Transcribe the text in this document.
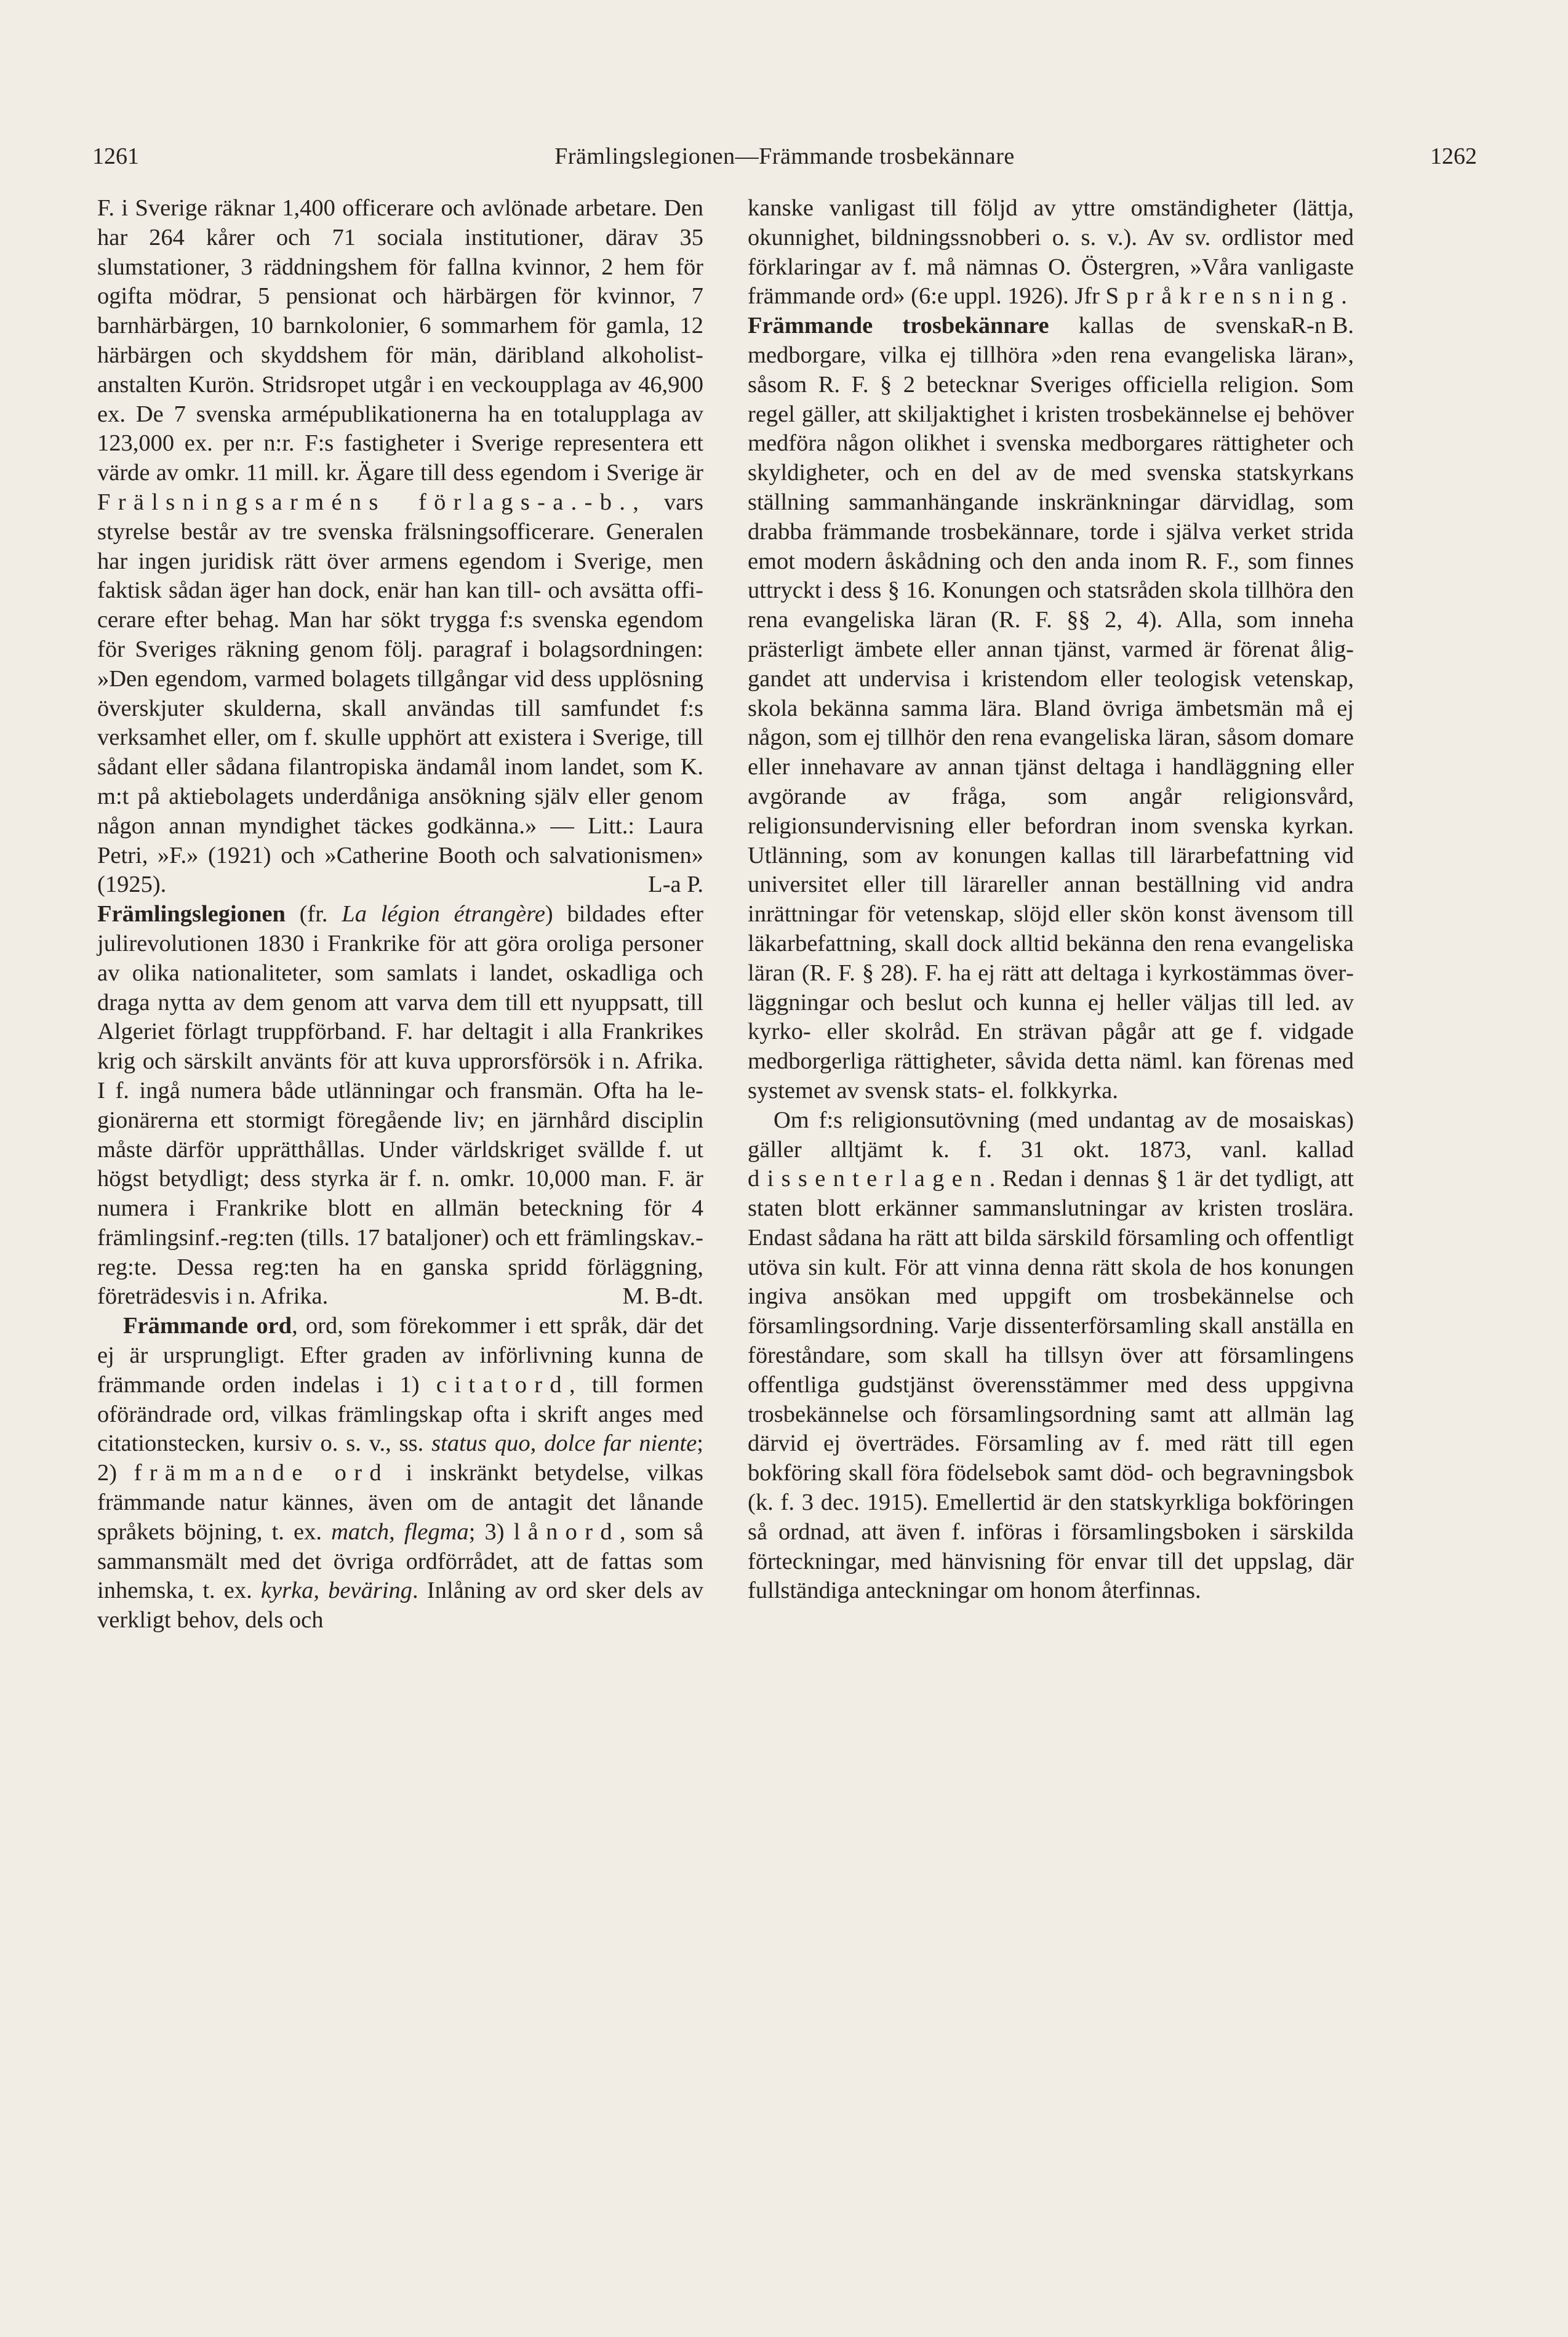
1261	Främlingslegionen—Främmande trosbekännare	1262

F. i Sverige räknar 1,400 officerare och avlönade arbetare. Den har 264 kårer och 71 sociala institutioner, därav 35 slumstationer, 3 räddningshem för fallna kvinnor, 2 hem för ogifta mödrar, 5 pensionat och härbärgen för kvinnor, 7 barnhärbärgen, 10 barnkolonier, 6 sommarhem för gamla, 12 härbärgen och skyddshem för män, däribland alkoholistanstalten Kurön. Stridsropet utgår i en veckoupplaga av 46,900 ex. De 7 svenska armépublikationerna ha en totalupplaga av 123,000 ex. per n:r. F:s fastigheter i Sverige representera ett värde av omkr. 11 mill. kr. Ägare till dess egendom i Sverige är Frälsningsarméns förlags-a.-b., vars styrelse består av tre svenska frälsningsofficerare. Generalen har ingen juridisk rätt över armens egendom i Sverige, men faktisk sådan äger han dock, enär han kan till- och avsätta officerare efter behag. Man har sökt trygga f:s svenska egendom för Sveriges räkning genom följ. paragraf i bolagsordningen: »Den egendom, varmed bolagets tillgångar vid dess upplösning överskjuter skulderna, skall användas till samfundet f:s verksamhet eller, om f. skulle upphört att existera i Sverige, till sådant eller sådana filantropiska ändamål inom landet, som K. m:t på aktiebolagets underdåniga ansökning själv eller genom någon annan myndighet täckes godkänna.» — Litt.: Laura Petri, »F.» (1921) och »Catherine Booth och salvationismen» (1925).	L-a P.

Främlingslegionen (fr. La légion étrangère) bildades efter julirevolutionen 1830 i Frankrike för att göra oroliga personer av olika nationaliteter, som samlats i landet, oskadliga och draga nytta av dem genom att varva dem till ett nyuppsatt, till Algeriet förlagt truppförband. F. har deltagit i alla Frankrikes krig och särskilt använts för att kuva upprorsförsök i n. Afrika. I f. ingå numera både utlänningar och fransmän. Ofta ha legionärerna ett stormigt föregående liv; en järnhård disciplin måste därför upprätthållas. Under världskriget svällde f. ut högst betydligt; dess styrka är f. n. omkr. 10,000 man. F. är numera i Frankrike blott en allmän beteckning för 4 främlingsinf.-reg:ten (tills. 17 bataljoner) och ett främlingskav.-reg:te. Dessa reg:ten ha en ganska spridd förläggning, företrädesvis i n. Afrika.	M. B-dt.

Främmande ord, ord, som förekommer i ett språk, där det ej är ursprungligt. Efter graden av införlivning kunna de främmande orden indelas i 1) citatord, till formen oförändrade ord, vilkas främlingskap ofta i skrift anges med citationstecken, kursiv o. s. v., ss. status quo, dolce far niente; 2) främmande ord i inskränkt betydelse, vilkas främmande natur kännes, även om de antagit det lånande språkets böjning, t. ex. match, flegma; 3) lånord, som så sammansmält med det övriga ordförrådet, att de fattas som inhemska, t. ex. kyrka, beväring. Inlåning av ord sker dels av verkligt behov, dels och

kanske vanligast till följd av yttre omständigheter (lättja, okunnighet, bildningssnobberi o. s. v.). Av sv. ordlistor med förklaringar av f. må nämnas O. Östergren, »Våra vanligaste främmande ord» (6:e uppl. 1926). Jfr Språkrensning.
R-n B.

Främmande trosbekännare kallas de svenska medborgare, vilka ej tillhöra »den rena evangeliska läran», såsom R. F. § 2 betecknar Sveriges officiella religion. Som regel gäller, att skiljaktighet i kristen trosbekännelse ej behöver medföra någon olikhet i svenska medborgares rättigheter och skyldigheter, och en del av de med svenska statskyrkans ställning sammanhängande inskränkningar därvidlag, som drabba främmande trosbekännare, torde i själva verket strida emot modern åskådning och den anda inom R. F., som finnes uttryckt i dess § 16. Konungen och statsråden skola tillhöra den rena evangeliska läran (R. F. §§ 2, 4). Alla, som inneha prästerligt ämbete eller annan tjänst, varmed är förenat åliggandet att undervisa i kristendom eller teologisk vetenskap, skola bekänna samma lära. Bland övriga ämbetsmän må ej någon, som ej tillhör den rena evangeliska läran, såsom domare eller innehavare av annan tjänst deltaga i handläggning eller avgörande av fråga, som angår religionsvård, religionsundervisning eller befordran inom svenska kyrkan. Utlänning, som av konungen kallas till lärarbefattning vid universitet eller till lärareller annan beställning vid andra inrättningar för vetenskap, slöjd eller skön konst ävensom till läkarbefattning, skall dock alltid bekänna den rena evangeliska läran (R. F. § 28). F. ha ej rätt att deltaga i kyrkostämmas överläggningar och beslut och kunna ej heller väljas till led. av kyrko- eller skolråd. En strävan pågår att ge f. vidgade medborgerliga rättigheter, såvida detta näml. kan förenas med systemet av svensk stats- el. folkkyrka.

Om f:s religionsutövning (med undantag av de mosaiskas) gäller alltjämt k. f. 31 okt. 1873, vanl. kallad dissenterlagen. Redan i dennas § 1 är det tydligt, att staten blott erkänner sammanslutningar av kristen troslära. Endast sådana ha rätt att bilda särskild församling och offentligt utöva sin kult. För att vinna denna rätt skola de hos konungen ingiva ansökan med uppgift om trosbekännelse och församlingsordning. Varje dissenterförsamling skall anställa en föreståndare, som skall ha tillsyn över att församlingens offentliga gudstjänst överensstämmer med dess uppgivna trosbekännelse och församlingsordning samt att allmän lag därvid ej överträdes. Församling av f. med rätt till egen bokföring skall föra födelsebok samt död- och begravningsbok (k. f. 3 dec. 1915). Emellertid är den statskyrkliga bokföringen så ordnad, att även f. införas i församlingsboken i särskilda förteckningar, med hänvisning för envar till det uppslag, där fullständiga anteckningar om honom återfinnas.
